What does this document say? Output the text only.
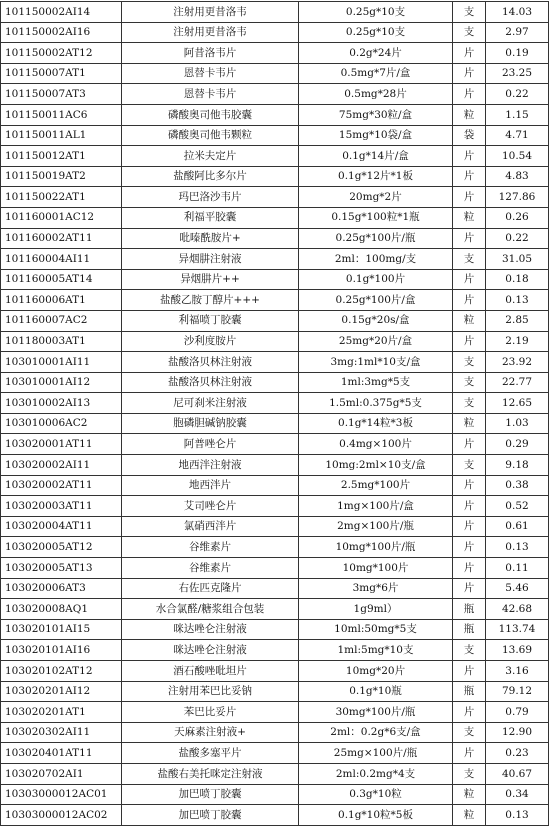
101150002AI14	注射用更昔洛韦	0.25g*10支	支	14.03
101150002AI16	注射用更昔洛韦	0.25g*10支	支	2.97
101150002AT12	阿昔洛韦片	0.2g*24片	片	0.19
101150007AT1	恩替卡韦片	0.5mg*7片/盒	片	23.25
101150007AT3	恩替卡韦片	0.5mg*28片	片	0.22
101150011AC6	磷酸奥司他韦胶囊	75mg*30粒/盒	粒	1.15
101150011AL1	磷酸奥司他韦颗粒	15mg*10袋/盒	袋	4.71
101150012AT1	拉米夫定片	0.1g*14片/盒	片	10.54
101150019AT2	盐酸阿比多尔片	0.1g*12片*1板	片	4.83
101150022AT1	玛巴洛沙韦片	20mg*2片	片	127.86
101160001AC12	利福平胶囊	0.15g*100粒*1瓶	粒	0.26
101160002AT11	吡嗪酰胺片+	0.25g*100片/瓶	片	0.22
101160004AI11	异烟肼注射液	2ml：100mg/支	支	31.05
101160005AT14	异烟肼片++	0.1g*100片	片	0.18
101160006AT1	盐酸乙胺丁醇片+++	0.25g*100片/盒	片	0.13
101160007AC2	利福喷丁胶囊	0.15g*20s/盒	粒	2.85
101180003AT1	沙利度胺片	25mg*20片/盒	片	2.19
103010001AI11	盐酸洛贝林注射液	3mg:1ml*10支/盒	支	23.92
103010001AI12	盐酸洛贝林注射液	1ml:3mg*5支	支	22.77
103010002AI13	尼可刹米注射液	1.5ml:0.375g*5支	支	12.65
103010006AC2	胞磷胆碱钠胶囊	0.1g*14粒*3板	粒	1.03
103020001AT11	阿普唑仑片	0.4mg×100片	片	0.29
103020002AI11	地西泮注射液	10mg:2ml×10支/盒	支	9.18
103020002AT11	地西泮片	2.5mg*100片	片	0.38
103020003AT11	艾司唑仑片	1mg×100片/盒	片	0.52
103020004AT11	氯硝西泮片	2mg×100片/瓶	片	0.61
103020005AT12	谷维素片	10mg*100片/瓶	片	0.13
103020005AT13	谷维素片	10mg*100片	片	0.11
103020006AT3	右佐匹克隆片	3mg*6片	片	5.46
103020008AQ1	水合氯醛/糖浆组合包装	1g9ml）	瓶	42.68
103020101AI15	咪达唑仑注射液	10ml:50mg*5支	瓶	113.74
103020101AI16	咪达唑仑注射液	1ml:5mg*10支	支	13.69
103020102AT12	酒石酸唑吡坦片	10mg*20片	片	3.16
103020201AI12	注射用苯巴比妥钠	0.1g*10瓶	瓶	79.12
103020201AT1	苯巴比妥片	30mg*100片/瓶	片	0.79
103020302AI11	天麻素注射液+	2ml：0.2g*6支/盒	支	12.90
103020401AT11	盐酸多塞平片	25mg×100片/瓶	片	0.23
103020702AI1	盐酸右美托咪定注射液	2ml:0.2mg*4支	支	40.67
10303000012AC01	加巴喷丁胶囊	0.3g*10粒	粒	0.34
10303000012AC02	加巴喷丁胶囊	0.1g*10粒*5板	粒	0.13
